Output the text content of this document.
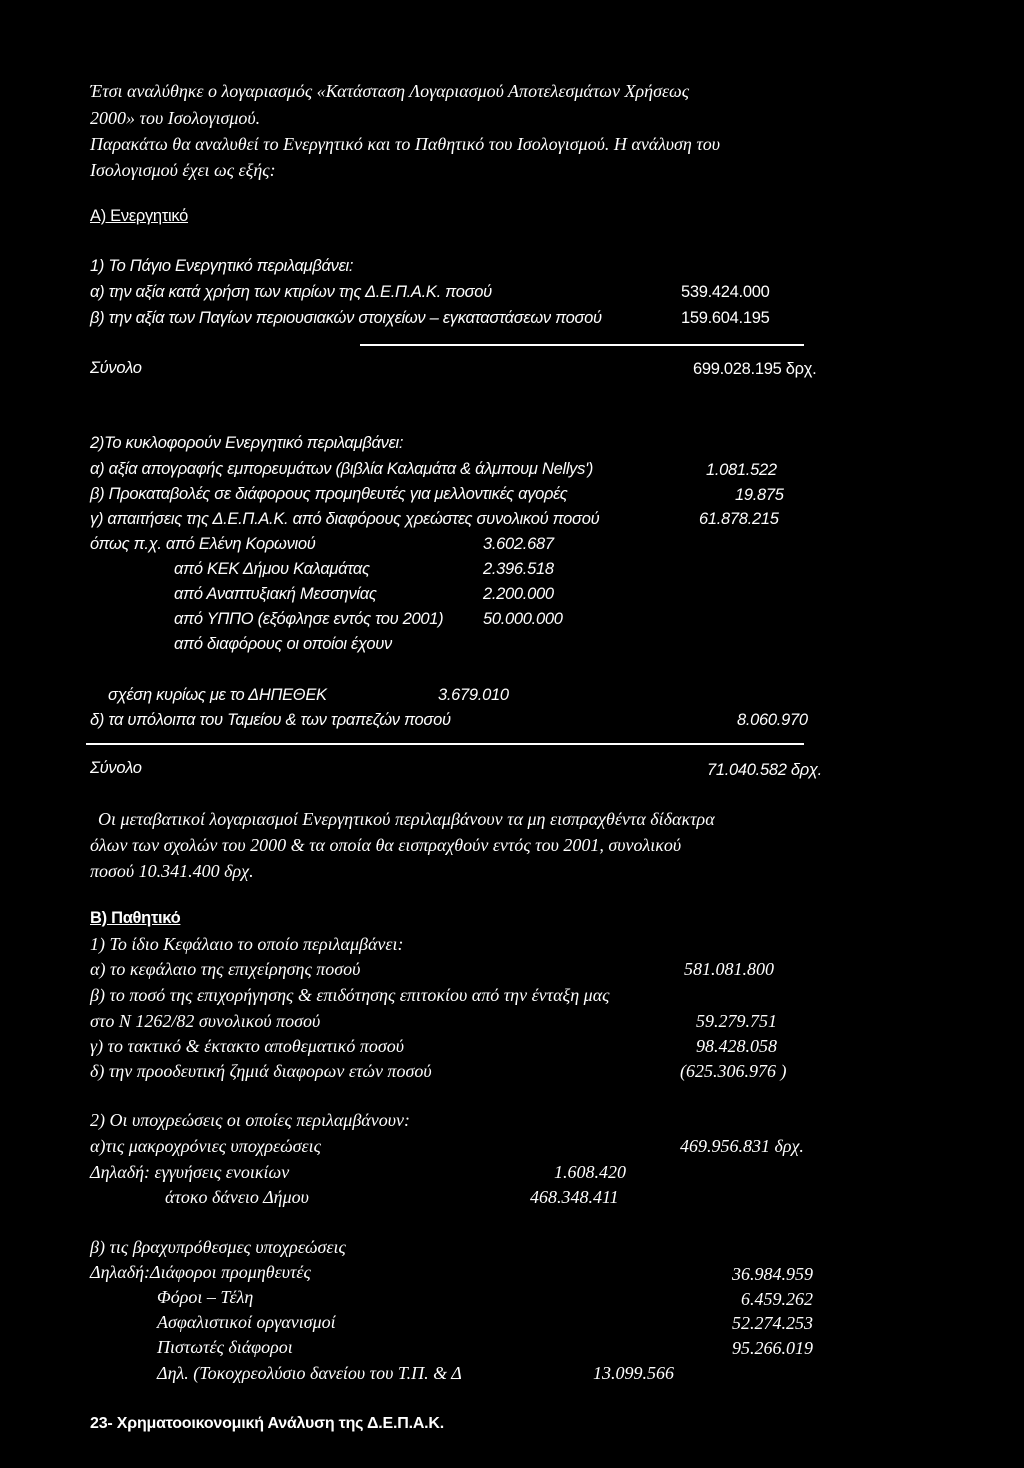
Έτσι αναλύθηκε ο λογαριασμός «Κατάσταση Λογαριασμού Αποτελεσμάτων Χρήσεως
2000» του Ισολογισμού.
Παρακάτω θα αναλυθεί το Ενεργητικό και το Παθητικό του Ισολογισμού. Η ανάλυση του
Ισολογισμού έχει ως εξής:
Α) Ενεργητικό
1) Το Πάγιο Ενεργητικό περιλαμβάνει:
α) την αξία κατά χρήση των κτιρίων της Δ.Ε.Π.Α.Κ. ποσού	539.424.000
β) την αξία των Παγίων περιουσιακών στοιχείων – εγκαταστάσεων ποσού	159.604.195
Σύνολο	699.028.195 δρχ.
2)Το κυκλοφορούν Ενεργητικό περιλαμβάνει:
α) αξία απογραφής εμπορευμάτων (βιβλία Καλαμάτα & άλμπουμ Nellys')	1.081.522
β) Προκαταβολές σε διάφορους προμηθευτές για μελλοντικές αγορές	19.875
γ) απαιτήσεις της Δ.Ε.Π.Α.Κ. από διαφόρους χρεώστες συνολικού ποσού	61.878.215
όπως π.χ. από Ελένη Κορωνιού	3.602.687
από ΚΕΚ Δήμου Καλαμάτας	2.396.518
από Αναπτυξιακή Μεσσηνίας	2.200.000
από ΥΠΠΟ (εξόφλησε εντός του 2001) 50.000.000
από διαφόρους οι οποίοι έχουν
σχέση κυρίως με το ΔΗΠΕΘΕΚ	3.679.010
δ) τα υπόλοιπα του Ταμείου & των τραπεζών ποσού	8.060.970
Σύνολο	71.040.582 δρχ.
Οι μεταβατικοί λογαριασμοί Ενεργητικού περιλαμβάνουν τα μη εισπραχθέντα δίδακτρα
όλων των σχολών του 2000 & τα οποία θα εισπραχθούν εντός του 2001, συνολικού
ποσού 10.341.400 δρχ.
Β) Παθητικό
1) Το ίδιο Κεφάλαιο το οποίο περιλαμβάνει:
α) το κεφάλαιο της επιχείρησης ποσού	581.081.800
β) το ποσό της επιχορήγησης & επιδότησης επιτοκίου από την ένταξη μας
στο Ν 1262/82 συνολικού ποσού	59.279.751
γ) το τακτικό & έκτακτο αποθεματικό ποσού	98.428.058
δ) την προοδευτική ζημιά διαφορων ετών ποσού	(625.306.976 )
2) Οι υποχρεώσεις οι οποίες περιλαμβάνουν:
α)τις μακροχρόνιες υποχρεώσεις	469.956.831 δρχ.
Δηλαδή: εγγυήσεις ενοικίων	1.608.420
άτοκο δάνειο Δήμου	468.348.411
β) τις βραχυπρόθεσμες υποχρεώσεις
Δηλαδή:Διάφοροι προμηθευτές	36.984.959
Φόροι – Τέλη	6.459.262
Ασφαλιστικοί οργανισμοί	52.274.253
Πιστωτές διάφοροι	95.266.019
Δηλ. (Τοκοχρεολύσιο δανείου του Τ.Π. & Δ	13.099.566
23- Χρηματοοικονομική Ανάλυση της Δ.Ε.Π.Α.Κ.
